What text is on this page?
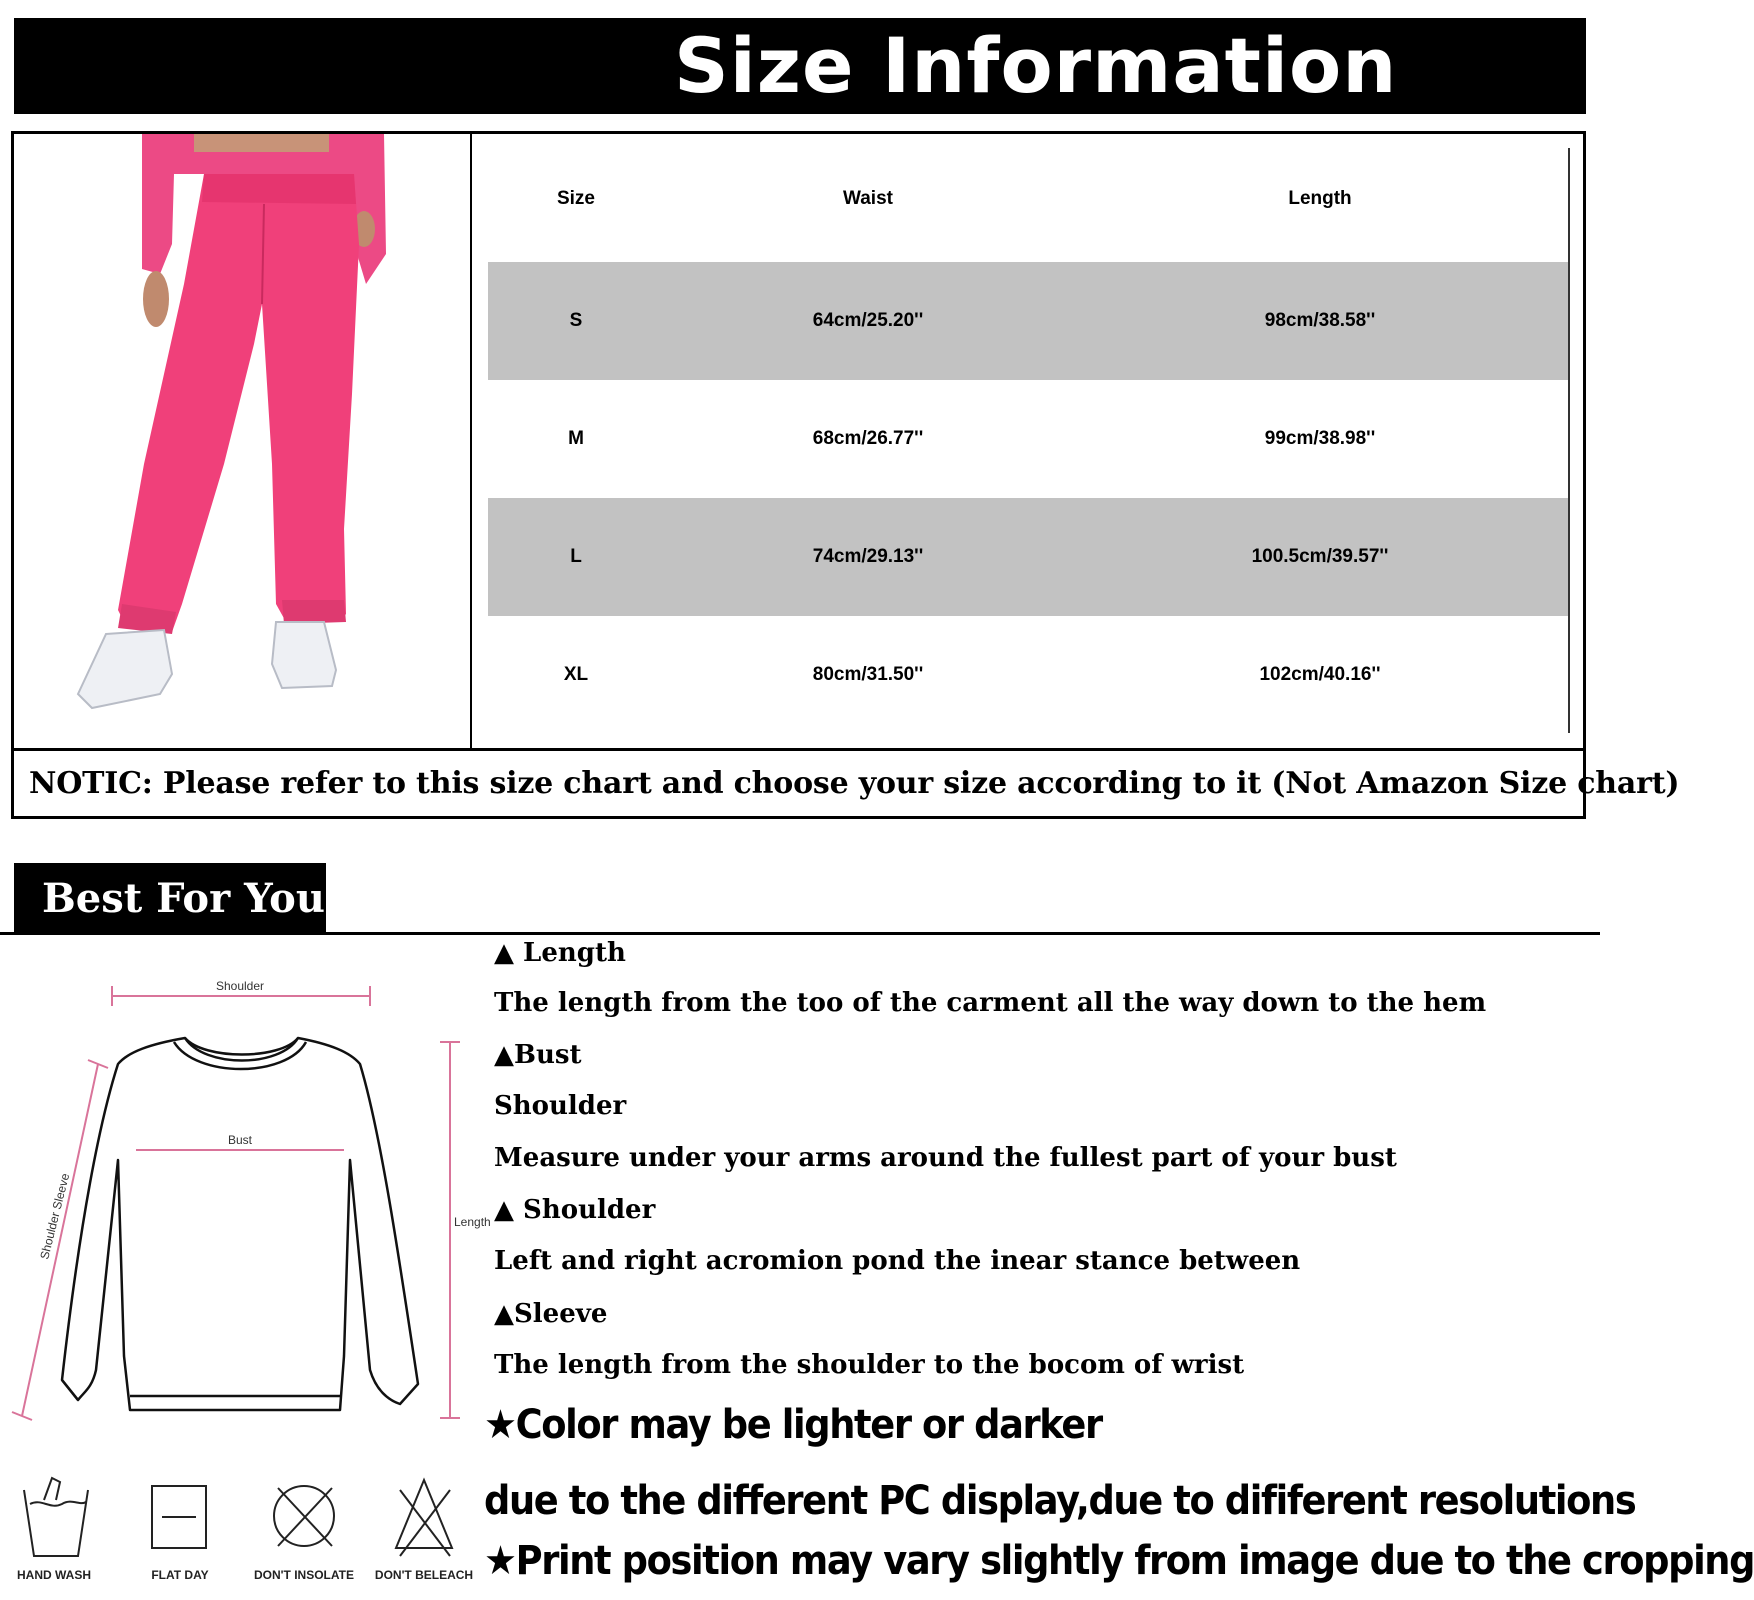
Size Information
Size	Waist	Length
S	64cm/25.20''	98cm/38.58''
M	68cm/26.77''	99cm/38.98''
L	74cm/29.13''	100.5cm/39.57''
XL	80cm/31.50''	102cm/40.16''
NOTIC: Please refer to this size chart and choose your size according to it (Not Amazon Size chart)
Best For You
Shoulder
Bust
Shoulder Sleeve	Length
▲ Length
The length from the too of the carment all the way down to the hem
▲Bust
Shoulder
Measure under your arms around the fullest part of your bust
▲ Shoulder
Left and right acromion pond the inear stance between
▲Sleeve
The length from the shoulder to the bocom of wrist
★Color may be lighter or darker
due to the different PC display,due to dififerent resolutions
★Print position may vary slightly from image due to the cropping
HAND WASH	FLAT DAY	DON'T INSOLATE DON'T BELEACH
